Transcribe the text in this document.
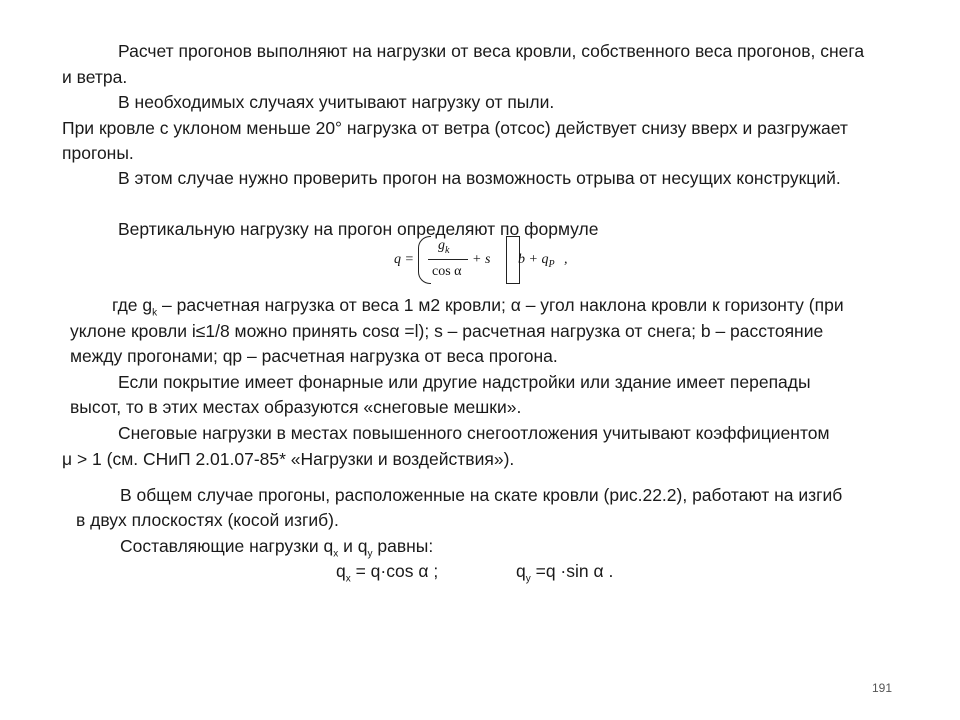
Расчет прогонов выполняют на нагрузки от веса кровли, собственного веса прогонов, снега
и ветра.
В необходимых случаях учитывают нагрузку от пыли.
При кровле с уклоном меньше 20° нагрузка от ветра (отсос) действует снизу вверх и разгружает
прогоны.
В этом случае нужно проверить прогон на возможность отрыва от несущих конструкций.
Вертикальную нагрузку на прогон определяют по формуле
q =
$g_k$
cos α
+ s $b + q_P$ ,
где $g_k$ – расчетная нагрузка от веса 1 м2 кровли; α – угол наклона кровли к горизонту (при
уклоне кровли i≤1/8 можно принять cosα =l); s – расчетная нагрузка от снега; b – расстояние
между прогонами; qр – расчетная нагрузка от веса прогона.
Если покрытие имеет фонарные или другие надстройки или здание имеет перепады
высот, то в этих местах образуются «снеговые мешки».
Снеговые нагрузки в местах повышенного снегоотложения учитывают коэффициентом
μ > 1 (см. СНиП 2.01.07-85* «Нагрузки и воздействия»).
В общем случае прогоны, расположенные на скате кровли (рис.22.2), работают на изгиб
в двух плоскостях (косой изгиб).
Составляющие нагрузки $q_x$ и $q_y$ равны:
$q_x = q\cdot\cos$ α ;	$q_y =q \cdot\sin$ α .
191
